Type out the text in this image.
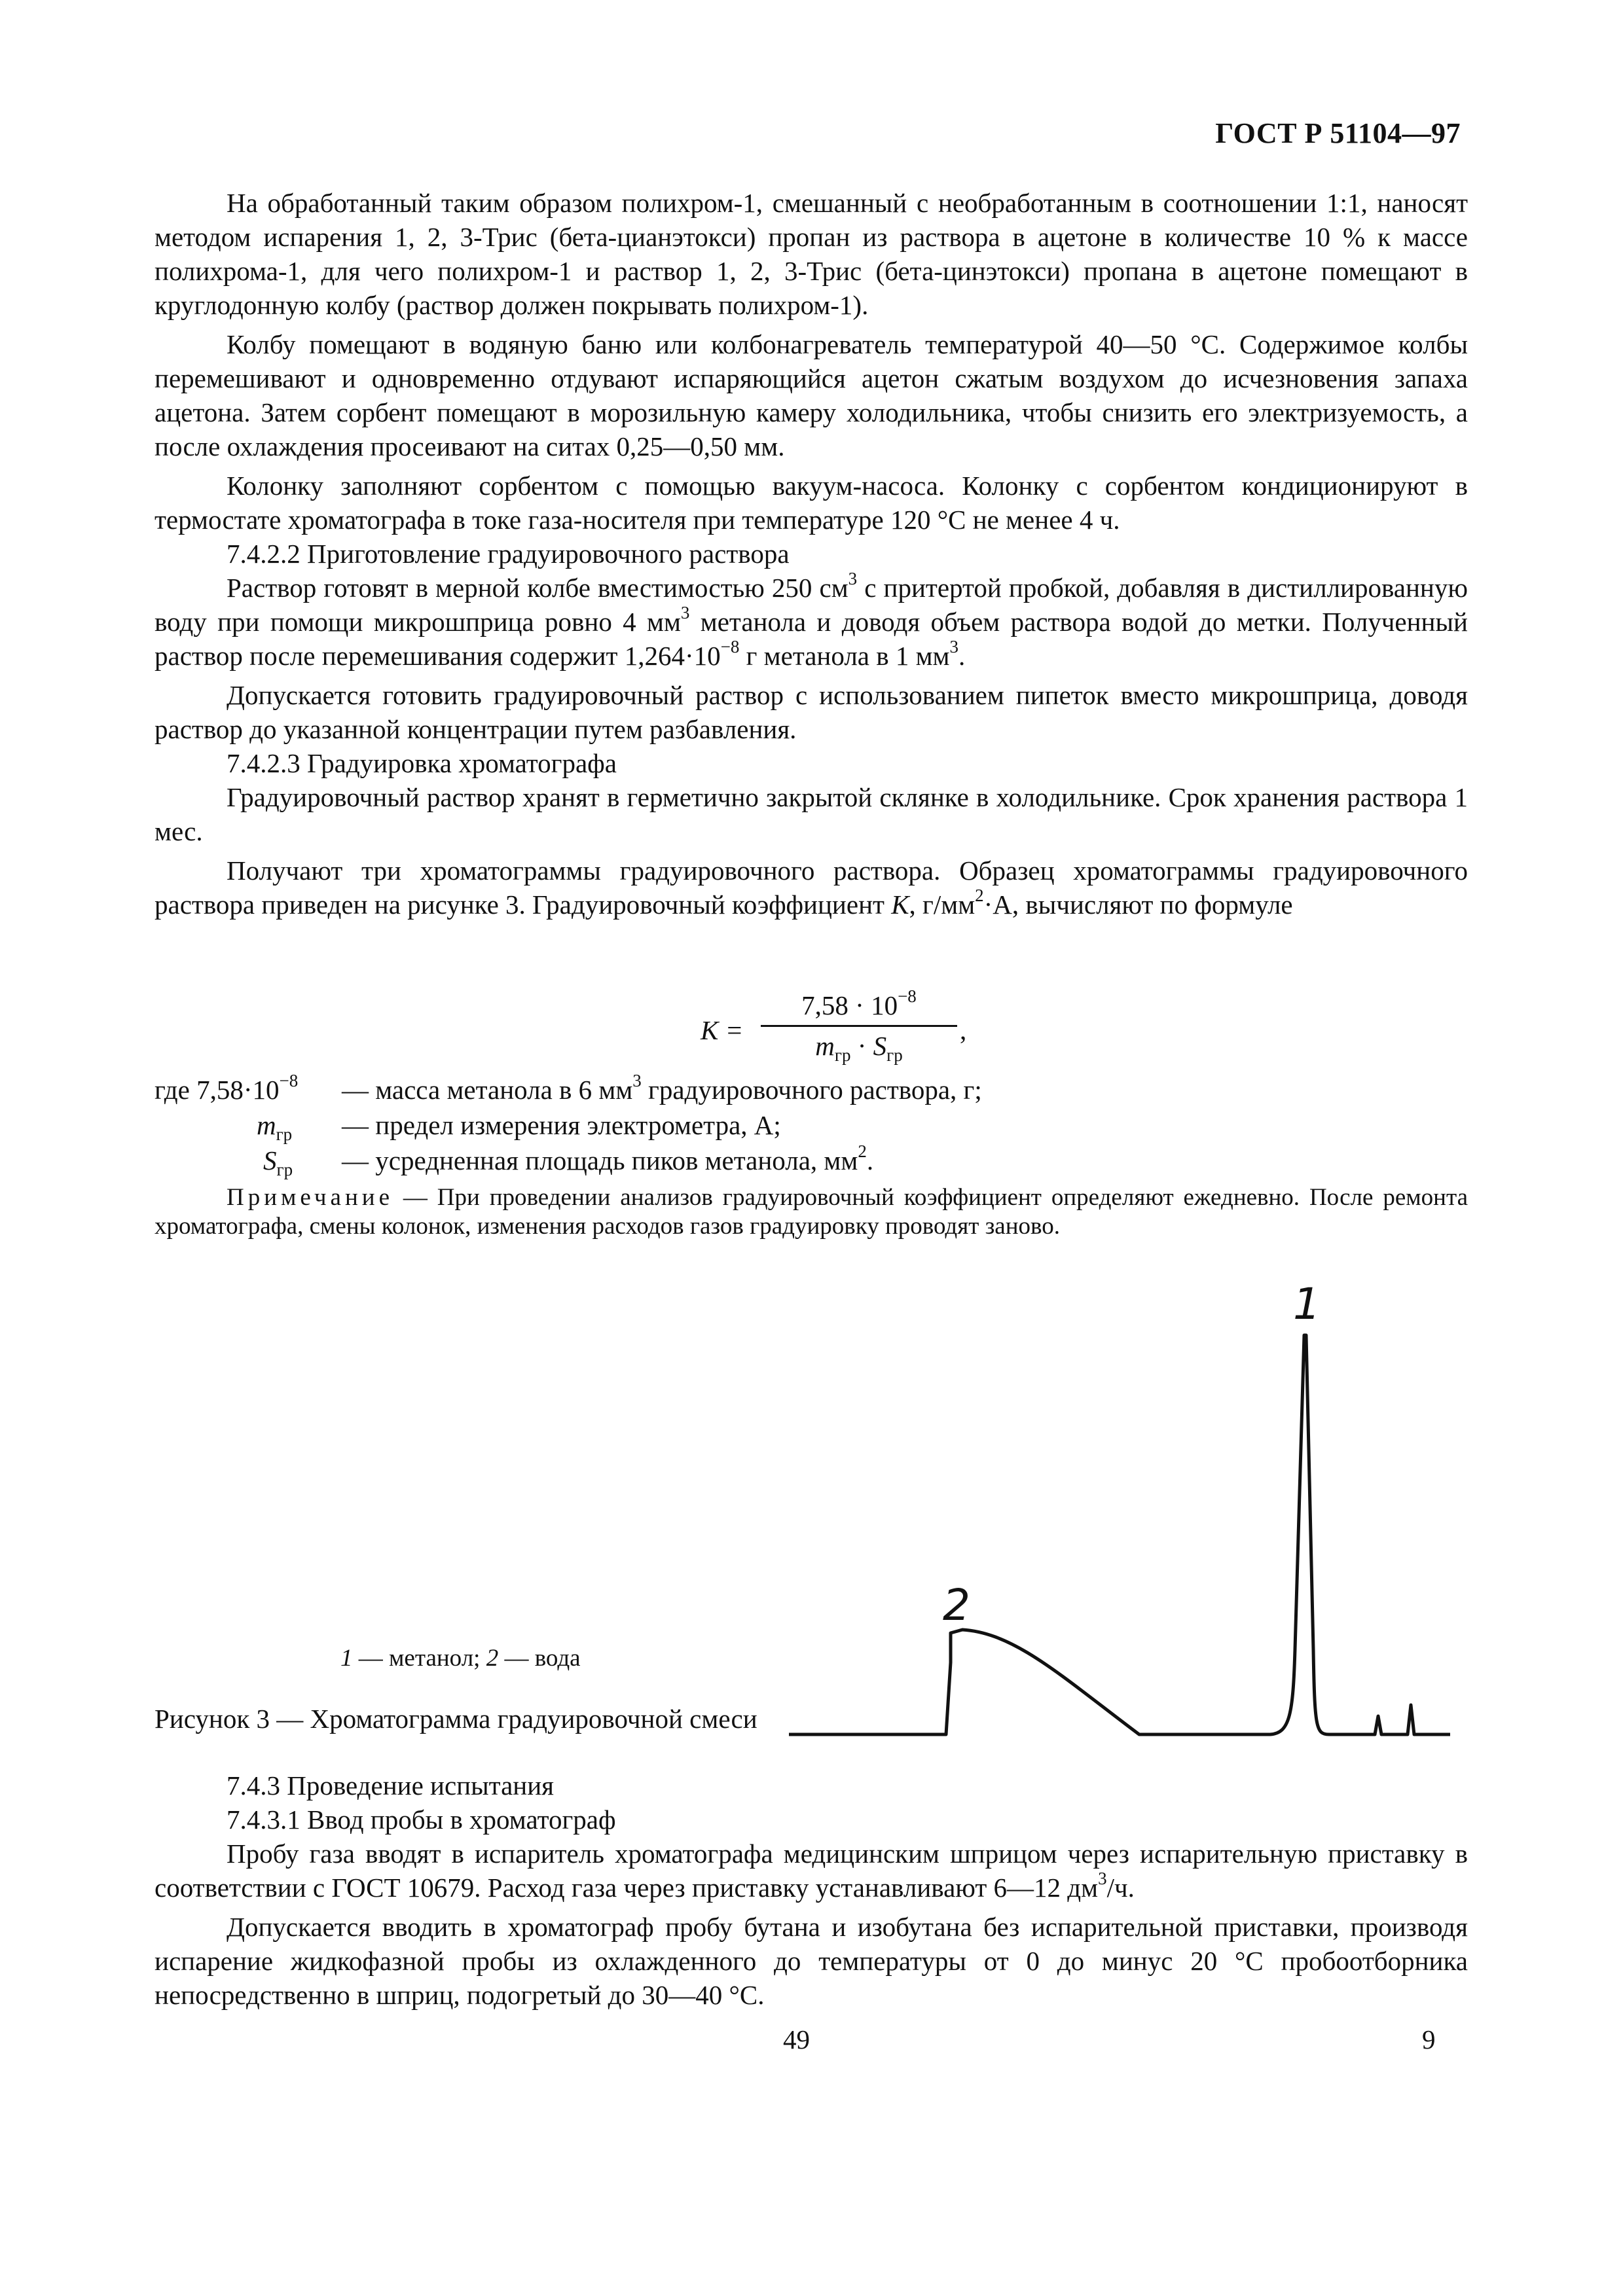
ГОСТ Р 51104—97

На обработанный таким образом полихром-1, смешанный с необработанным в соотношении 1:1, наносят методом испарения 1, 2, 3-Трис (бета-цианэтокси) пропан из раствора в ацетоне в количестве 10 % к массе полихрома-1, для чего полихром-1 и раствор 1, 2, 3-Трис (бета-цинэтокси) пропана в ацетоне помещают в круглодонную колбу (раствор должен покрывать полихром-1).

Колбу помещают в водяную баню или колбонагреватель температурой 40—50 °С. Содержимое колбы перемешивают и одновременно отдувают испаряющийся ацетон сжатым воздухом до исчезновения запаха ацетона. Затем сорбент помещают в морозильную камеру холодильника, чтобы снизить его электризуемость, а после охлаждения просеивают на ситах 0,25—0,50 мм.

Колонку заполняют сорбентом с помощью вакуум-насоса. Колонку с сорбентом кондиционируют в термостате хроматографа в токе газа-носителя при температуре 120 °С не менее 4 ч.

7.4.2.2 Приготовление градуировочного раствора

Раствор готовят в мерной колбе вместимостью 250 $см^3$ с притертой пробкой, добавляя в дистиллированную воду при помощи микрошприца ровно 4 $мм^3$ метанола и доводя объем раствора водой до метки. Полученный раствор после перемешивания содержит $1,264\cdot 10^{-8}$ г метанола в 1 $мм^3$.

Допускается готовить градуировочный раствор с использованием пипеток вместо микрошприца, доводя раствор до указанной концентрации путем разбавления.

7.4.2.3 Градуировка хроматографа

Градуировочный раствор хранят в герметично закрытой склянке в холодильнике. Срок хранения раствора 1 мес.

Получают три хроматограммы градуировочного раствора. Образец хроматограммы градуировочного раствора приведен на рисунке 3. Градуировочный коэффициент K, $г/мм^2\cdot А$, вычисляют по формуле

K =
$7,58 \cdot 10^{-8}$
$m_{гр} \cdot S_{гр}$
,
где $7,58\cdot 10^{-8}$ — масса метанола в 6 $мм^3$ градуировочного раствора, г;
$m_{гр}$ — предел измерения электрометра, А;
$S_{гр}$ — усредненная площадь пиков метанола, $мм^2$.
Примечание — При проведении анализов градуировочный коэффициент определяют ежедневно. После ремонта хроматографа, смены колонок, изменения расходов газов градуировку проводят заново.
1
2
1 — метанол; 2 — вода
Рисунок 3 — Хроматограмма градуировочной смеси

7.4.3 Проведение испытания

7.4.3.1 Ввод пробы в хроматограф

Пробу газа вводят в испаритель хроматографа медицинским шприцом через испарительную приставку в соответствии с ГОСТ 10679. Расход газа через приставку устанавливают 6—12 $дм^3/ч$.

Допускается вводить в хроматограф пробу бутана и изобутана без испарительной приставки, производя испарение жидкофазной пробы из охлажденного до температуры от 0 до минус 20 °С пробоотборника непосредственно в шприц, подогретый до 30—40 °С.

49	9
